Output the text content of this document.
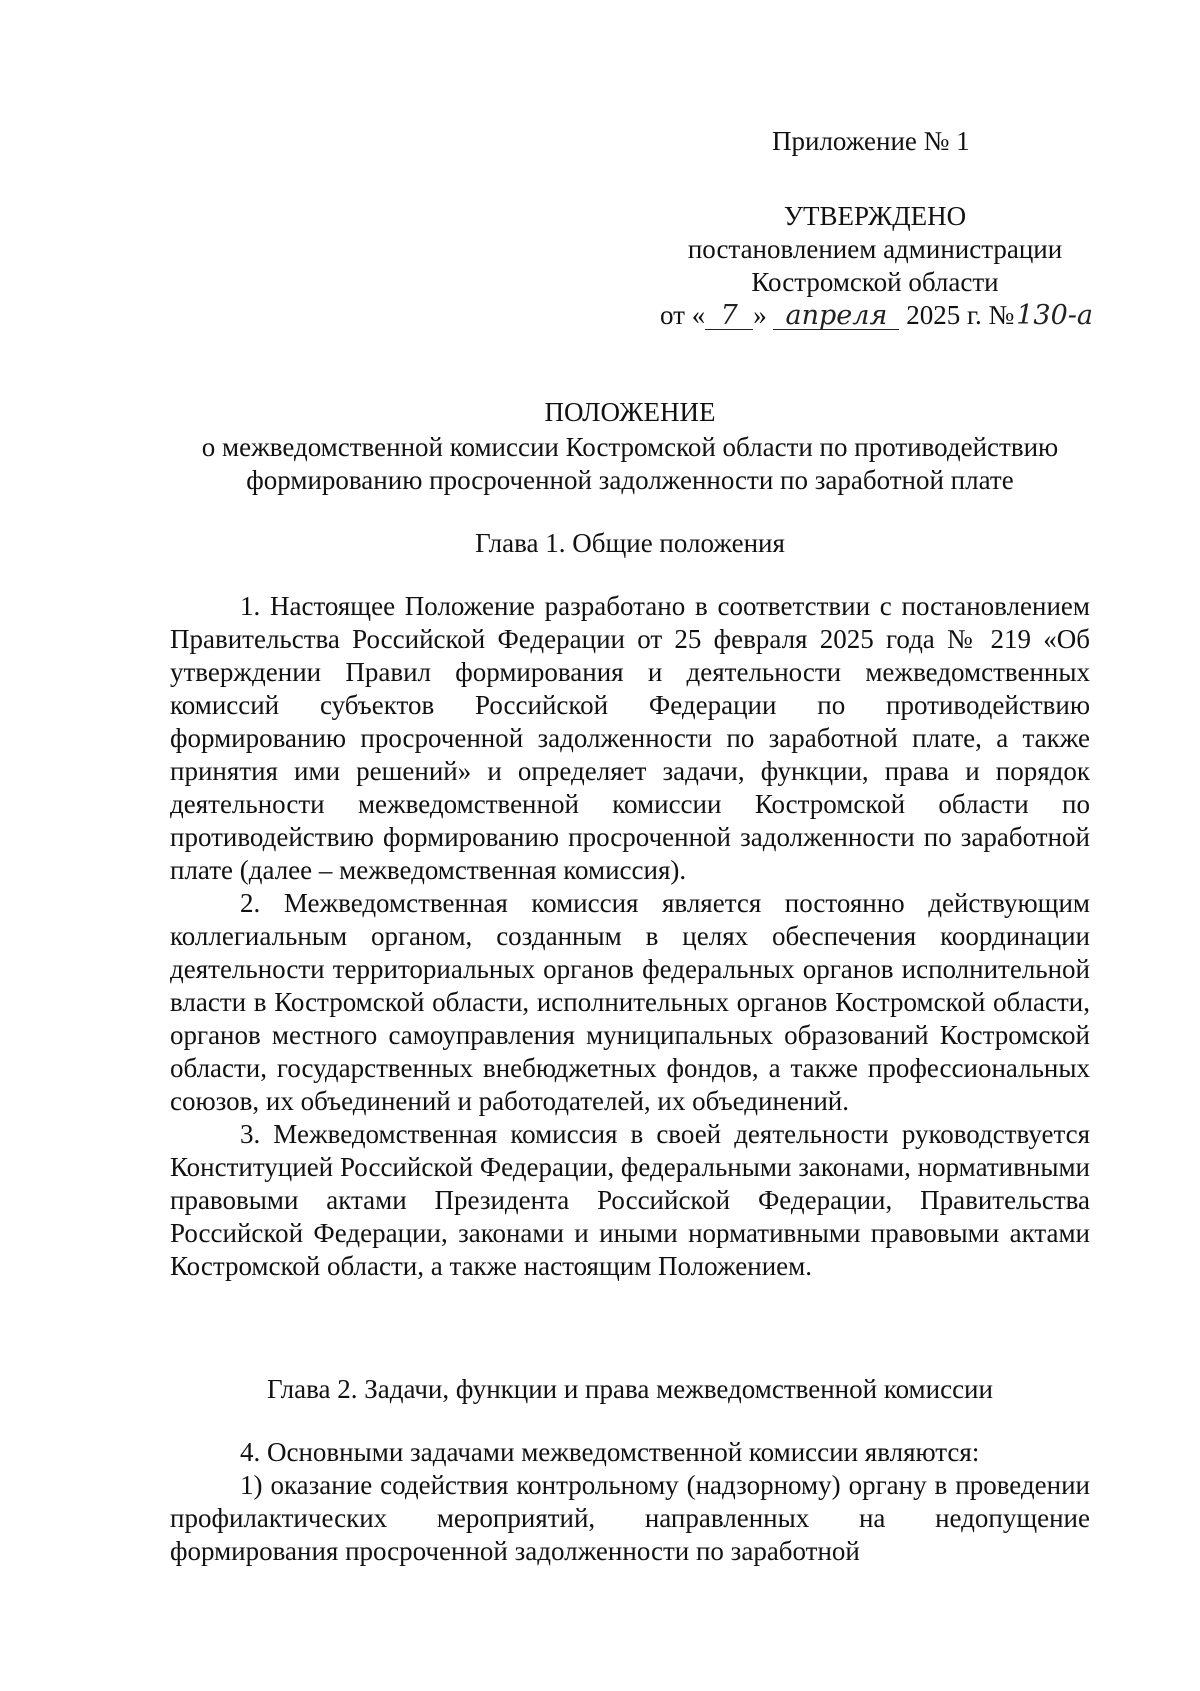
Приложение № 1
УТВЕРЖДЕНО
постановлением администрации
Костромской области
от « 7 » апреля 2025 г. №130-а
ПОЛОЖЕНИЕ
о межведомственной комиссии Костромской области по противодействию формированию просроченной задолженности по заработной плате
Глава 1. Общие положения

1. Настоящее Положение разработано в соответствии с постановлением Правительства Российской Федерации от 25 февраля 2025 года № 219 «Об утверждении Правил формирования и деятельности межведомственных комиссий субъектов Российской Федерации по противодействию формированию просроченной задолженности по заработной плате, а также принятия ими решений» и определяет задачи, функции, права и порядок деятельности межведомственной комиссии Костромской области по противодействию формированию просроченной задолженности по заработной плате (далее – межведомственная комиссия).

2. Межведомственная комиссия является постоянно действующим коллегиальным органом, созданным в целях обеспечения координации деятельности территориальных органов федеральных органов исполнительной власти в Костромской области, исполнительных органов Костромской области, органов местного самоуправления муниципальных образований Костромской области, государственных внебюджетных фондов, а также профессиональных союзов, их объединений и работодателей, их объединений.

3. Межведомственная комиссия в своей деятельности руководствуется Конституцией Российской Федерации, федеральными законами, нормативными правовыми актами Президента Российской Федерации, Правительства Российской Федерации, законами и иными нормативными правовыми актами Костромской области, а также настоящим Положением.

Глава 2. Задачи, функции и права межведомственной комиссии

4. Основными задачами межведомственной комиссии являются:

1) оказание содействия контрольному (надзорному) органу в проведении профилактических мероприятий, направленных на недопущение формирования просроченной задолженности по заработной
